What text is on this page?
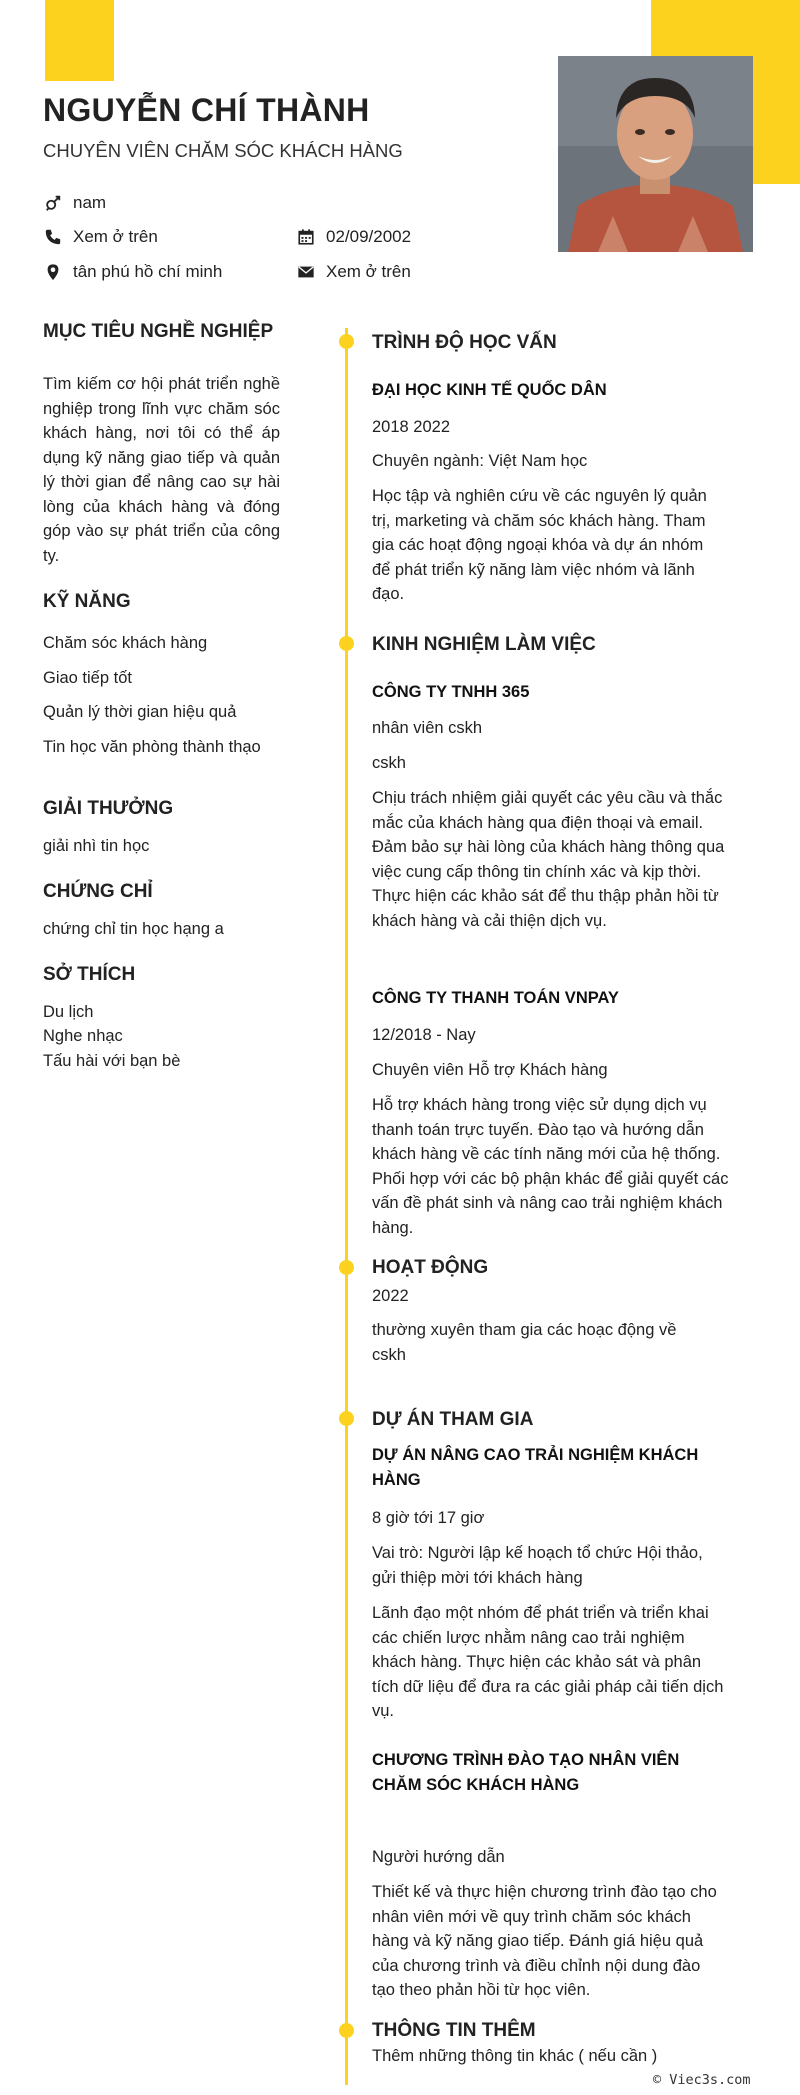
NGUYỄN CHÍ THÀNH
CHUYÊN VIÊN CHĂM SÓC KHÁCH HÀNG
nam
Xem ở trên	02/09/2002
tân phú hồ chí minh	Xem ở trên
MỤC TIÊU NGHỀ NGHIỆP
Tìm kiếm cơ hội phát triển nghề nghiệp trong lĩnh vực chăm sóc khách hàng, nơi tôi có thể áp dụng kỹ năng giao tiếp và quản lý thời gian để nâng cao sự hài lòng của khách hàng và đóng góp vào sự phát triển của công ty.
KỸ NĂNG
Chăm sóc khách hàng
Giao tiếp tốt
Quản lý thời gian hiệu quả
Tin học văn phòng thành thạo
GIẢI THƯỞNG
giải nhì tin học
CHỨNG CHỈ
chứng chỉ tin học hạng a
SỞ THÍCH
Du lịch
Nghe nhạc
Tấu hài với bạn bè
TRÌNH ĐỘ HỌC VẤN
ĐẠI HỌC KINH TẾ QUỐC DÂN
2018 2022
Chuyên ngành: Việt Nam học
Học tập và nghiên cứu về các nguyên lý quản trị, marketing và chăm sóc khách hàng. Tham gia các hoạt động ngoại khóa và dự án nhóm để phát triển kỹ năng làm việc nhóm và lãnh đạo.
KINH NGHIỆM LÀM VIỆC
CÔNG TY TNHH 365
nhân viên cskh
cskh
Chịu trách nhiệm giải quyết các yêu cầu và thắc mắc của khách hàng qua điện thoại và email. Đảm bảo sự hài lòng của khách hàng thông qua việc cung cấp thông tin chính xác và kịp thời. Thực hiện các khảo sát để thu thập phản hồi từ khách hàng và cải thiện dịch vụ.
CÔNG TY THANH TOÁN VNPAY
12/2018 - Nay
Chuyên viên Hỗ trợ Khách hàng
Hỗ trợ khách hàng trong việc sử dụng dịch vụ thanh toán trực tuyến. Đào tạo và hướng dẫn khách hàng về các tính năng mới của hệ thống. Phối hợp với các bộ phận khác để giải quyết các vấn đề phát sinh và nâng cao trải nghiệm khách hàng.
HOẠT ĐỘNG
2022
thường xuyên tham gia các hoạc động về cskh
DỰ ÁN THAM GIA
DỰ ÁN NÂNG CAO TRẢI NGHIỆM KHÁCH HÀNG
8 giờ tới 17 giơ
Vai trò: Người lập kế hoạch tổ chức Hội thảo, gửi thiệp mời tới khách hàng
Lãnh đạo một nhóm để phát triển và triển khai các chiến lược nhằm nâng cao trải nghiệm khách hàng. Thực hiện các khảo sát và phân tích dữ liệu để đưa ra các giải pháp cải tiến dịch vụ.
CHƯƠNG TRÌNH ĐÀO TẠO NHÂN VIÊN CHĂM SÓC KHÁCH HÀNG
Người hướng dẫn
Thiết kế và thực hiện chương trình đào tạo cho nhân viên mới về quy trình chăm sóc khách hàng và kỹ năng giao tiếp. Đánh giá hiệu quả của chương trình và điều chỉnh nội dung đào tạo theo phản hồi từ học viên.
THÔNG TIN THÊM
Thêm những thông tin khác ( nếu cần )
© Viec3s.com
